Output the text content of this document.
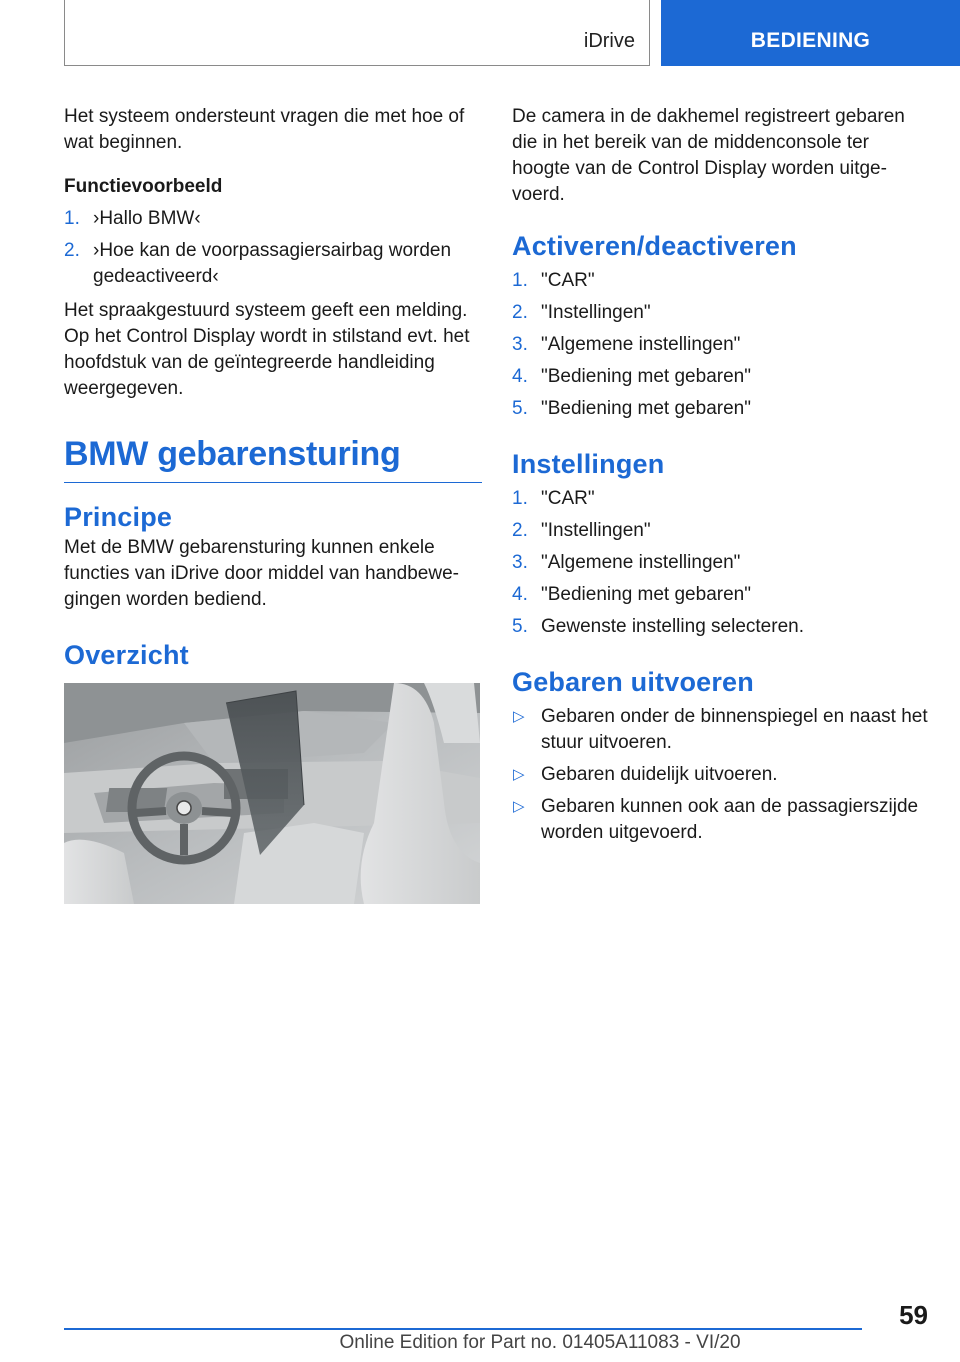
iDrive	BEDIENING

Het systeem ondersteunt vragen die met hoe of wat beginnen.

Functievoorbeeld
1. ›Hallo BMW‹
2. ›Hoe kan de voorpassagiersairbag worden gedeactiveerd‹

Het spraakgestuurd systeem geeft een melding. Op het Control Display wordt in stilstand evt. het hoofdstuk van de geïntegreerde handleiding weergegeven.

BMW gebarensturing
Principe

Met de BMW gebarensturing kunnen enkele functies van iDrive door middel van handbewegingen worden bediend.

Overzicht

De camera in de dakhemel registreert gebaren die in het bereik van de middenconsole ter hoogte van de Control Display worden uitgevoerd.

Activeren/deactiveren
1. "CAR"
2. "Instellingen"
3. "Algemene instellingen"
4. "Bediening met gebaren"
5. "Bediening met gebaren"
Instellingen
1. "CAR"
2. "Instellingen"
3. "Algemene instellingen"
4. "Bediening met gebaren"
5. Gewenste instelling selecteren.
Gebaren uitvoeren
▷ Gebaren onder de binnenspiegel en naast het stuur uitvoeren.
▷ Gebaren duidelijk uitvoeren.
▷ Gebaren kunnen ook aan de passagierszijde worden uitgevoerd.
59
Online Edition for Part no. 01405A11083 - VI/20
